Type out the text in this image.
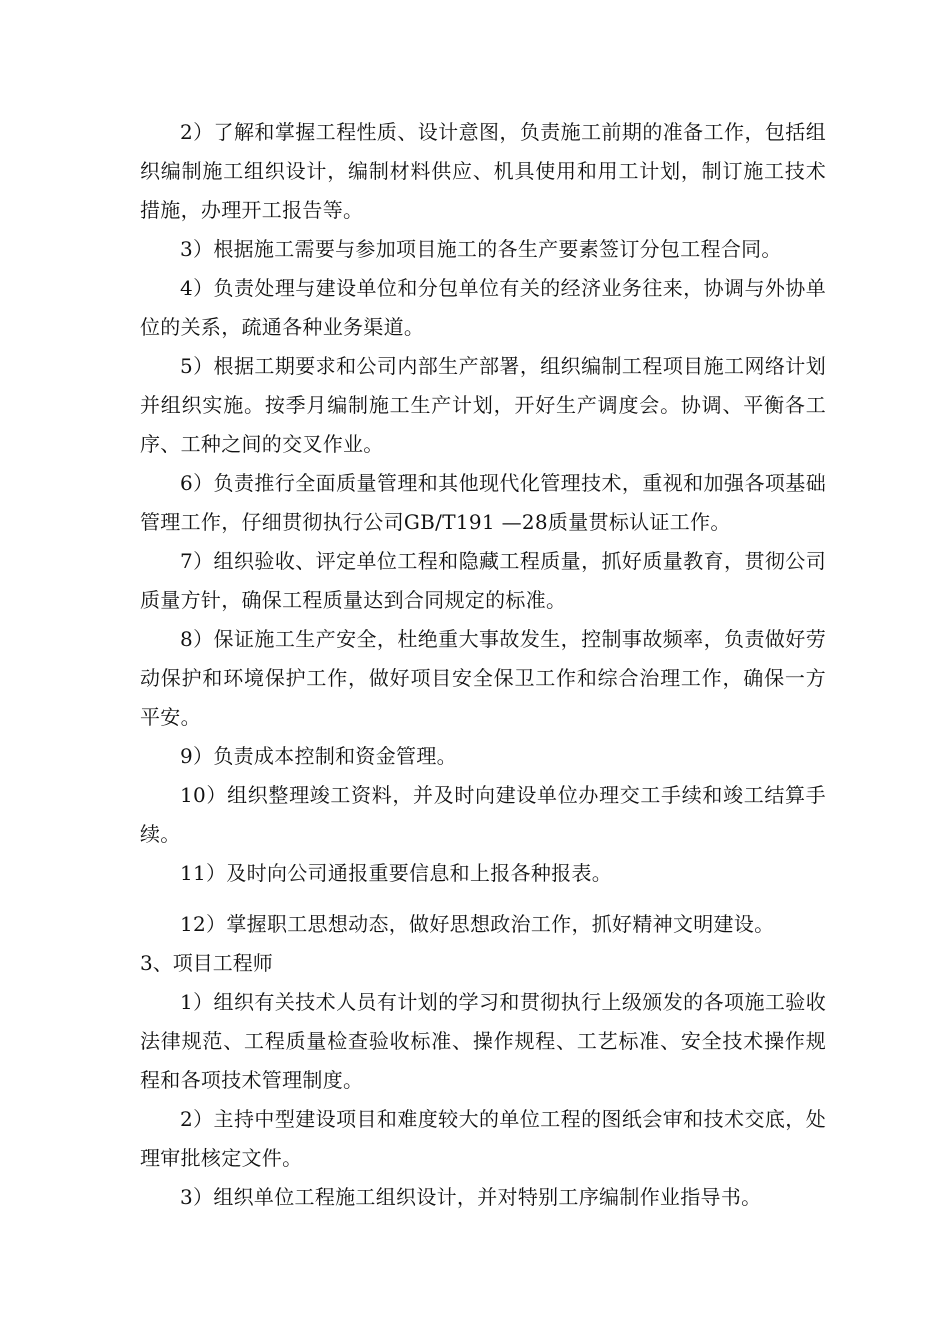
2）了解和掌握工程性质、设计意图，负责施工前期的准备工作，包括组织编制施工组织设计，编制材料供应、机具使用和用工计划，制订施工技术措施，办理开工报告等。

3）根据施工需要与参加项目施工的各生产要素签订分包工程合同。

4）负责处理与建设单位和分包单位有关的经济业务往来，协调与外协单位的关系，疏通各种业务渠道。

5）根据工期要求和公司内部生产部署，组织编制工程项目施工网络计划并组织实施。按季月编制施工生产计划，开好生产调度会。协调、平衡各工序、工种之间的交叉作业。

6）负责推行全面质量管理和其他现代化管理技术，重视和加强各项基础管理工作，仔细贯彻执行公司GB/T191 —28质量贯标认证工作。

7）组织验收、评定单位工程和隐藏工程质量，抓好质量教育，贯彻公司质量方针，确保工程质量达到合同规定的标准。

8）保证施工生产安全，杜绝重大事故发生，控制事故频率，负责做好劳动保护和环境保护工作，做好项目安全保卫工作和综合治理工作，确保一方平安。

9）负责成本控制和资金管理。

10）组织整理竣工资料，并及时向建设单位办理交工手续和竣工结算手续。

11）及时向公司通报重要信息和上报各种报表。

12）掌握职工思想动态，做好思想政治工作，抓好精神文明建设。

3、项目工程师

1）组织有关技术人员有计划的学习和贯彻执行上级颁发的各项施工验收法律规范、工程质量检查验收标准、操作规程、工艺标准、安全技术操作规程和各项技术管理制度。

2）主持中型建设项目和难度较大的单位工程的图纸会审和技术交底，处理审批核定文件。

3）组织单位工程施工组织设计，并对特别工序编制作业指导书。
